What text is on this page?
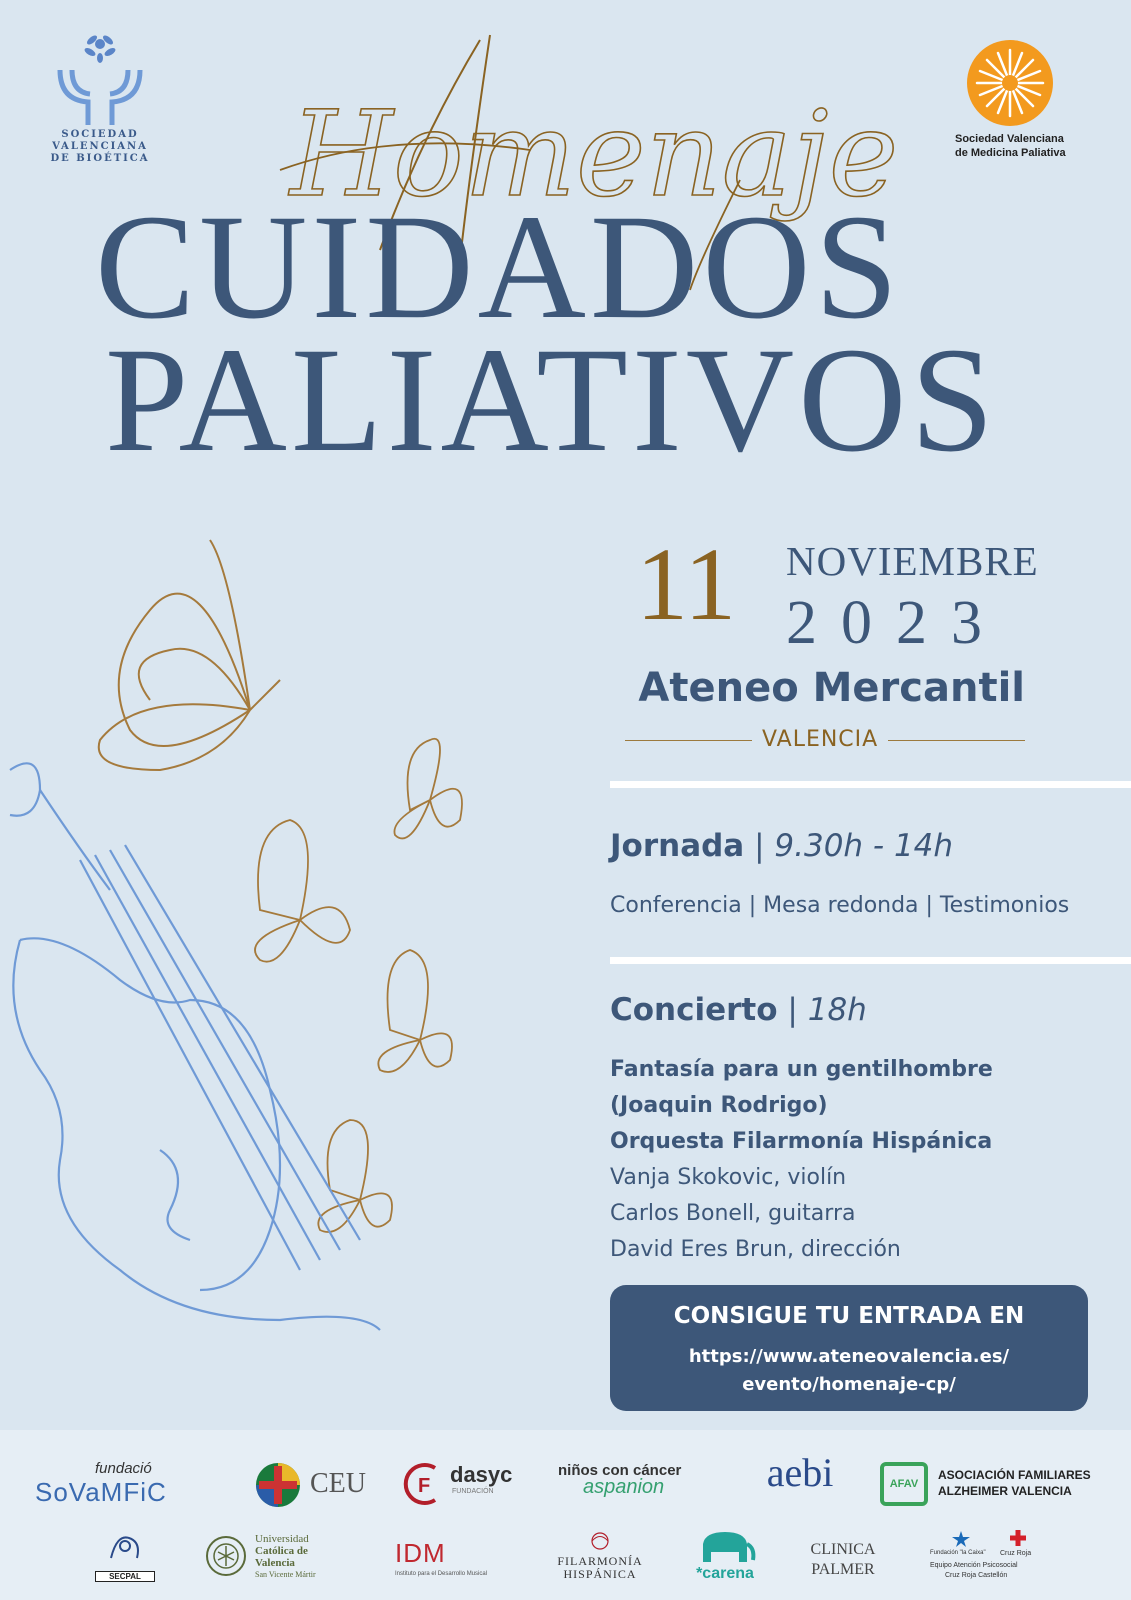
SOCIEDAD
VALENCIANA
DE BIOÉTICA
Sociedad Valenciana
de Medicina Paliativa
Homenaje
CUIDADOS
PALIATIVOS
11 NOVIEMBRE
2023
Ateneo Mercantil
VALENCIA
Jornada | 9.30h - 14h
Conferencia | Mesa redonda | Testimonios
Concierto | 18h
Fantasía para un gentilhombre
(Joaquin Rodrigo)
Orquesta Filarmonía Hispánica
Vanja Skokovic, violín
Carlos Bonell, guitarra
David Eres Brun, dirección
CONSIGUE TU ENTRADA EN
https://www.ateneovalencia.es/
evento/homenaje-cp/
fundació
SoVaMFiC	CEU	F dasyc
FUNDACIÓN
niños con cáncer
aspanion	aebi	AFAV
ASOCIACIÓN FAMILIARES
ALZHEIMER VALENCIA
SECPAL
Universidad
Católica de
Valencia
San Vicente Mártir
IDM
Instituto para el Desarrollo Musical
FILARMONÍA
HISPÁNICA	*carena
CLINICA
PALMER
Fundación "la Caixa" Cruz Roja
Equipo Atención Psicosocial
Cruz Roja Castellón
